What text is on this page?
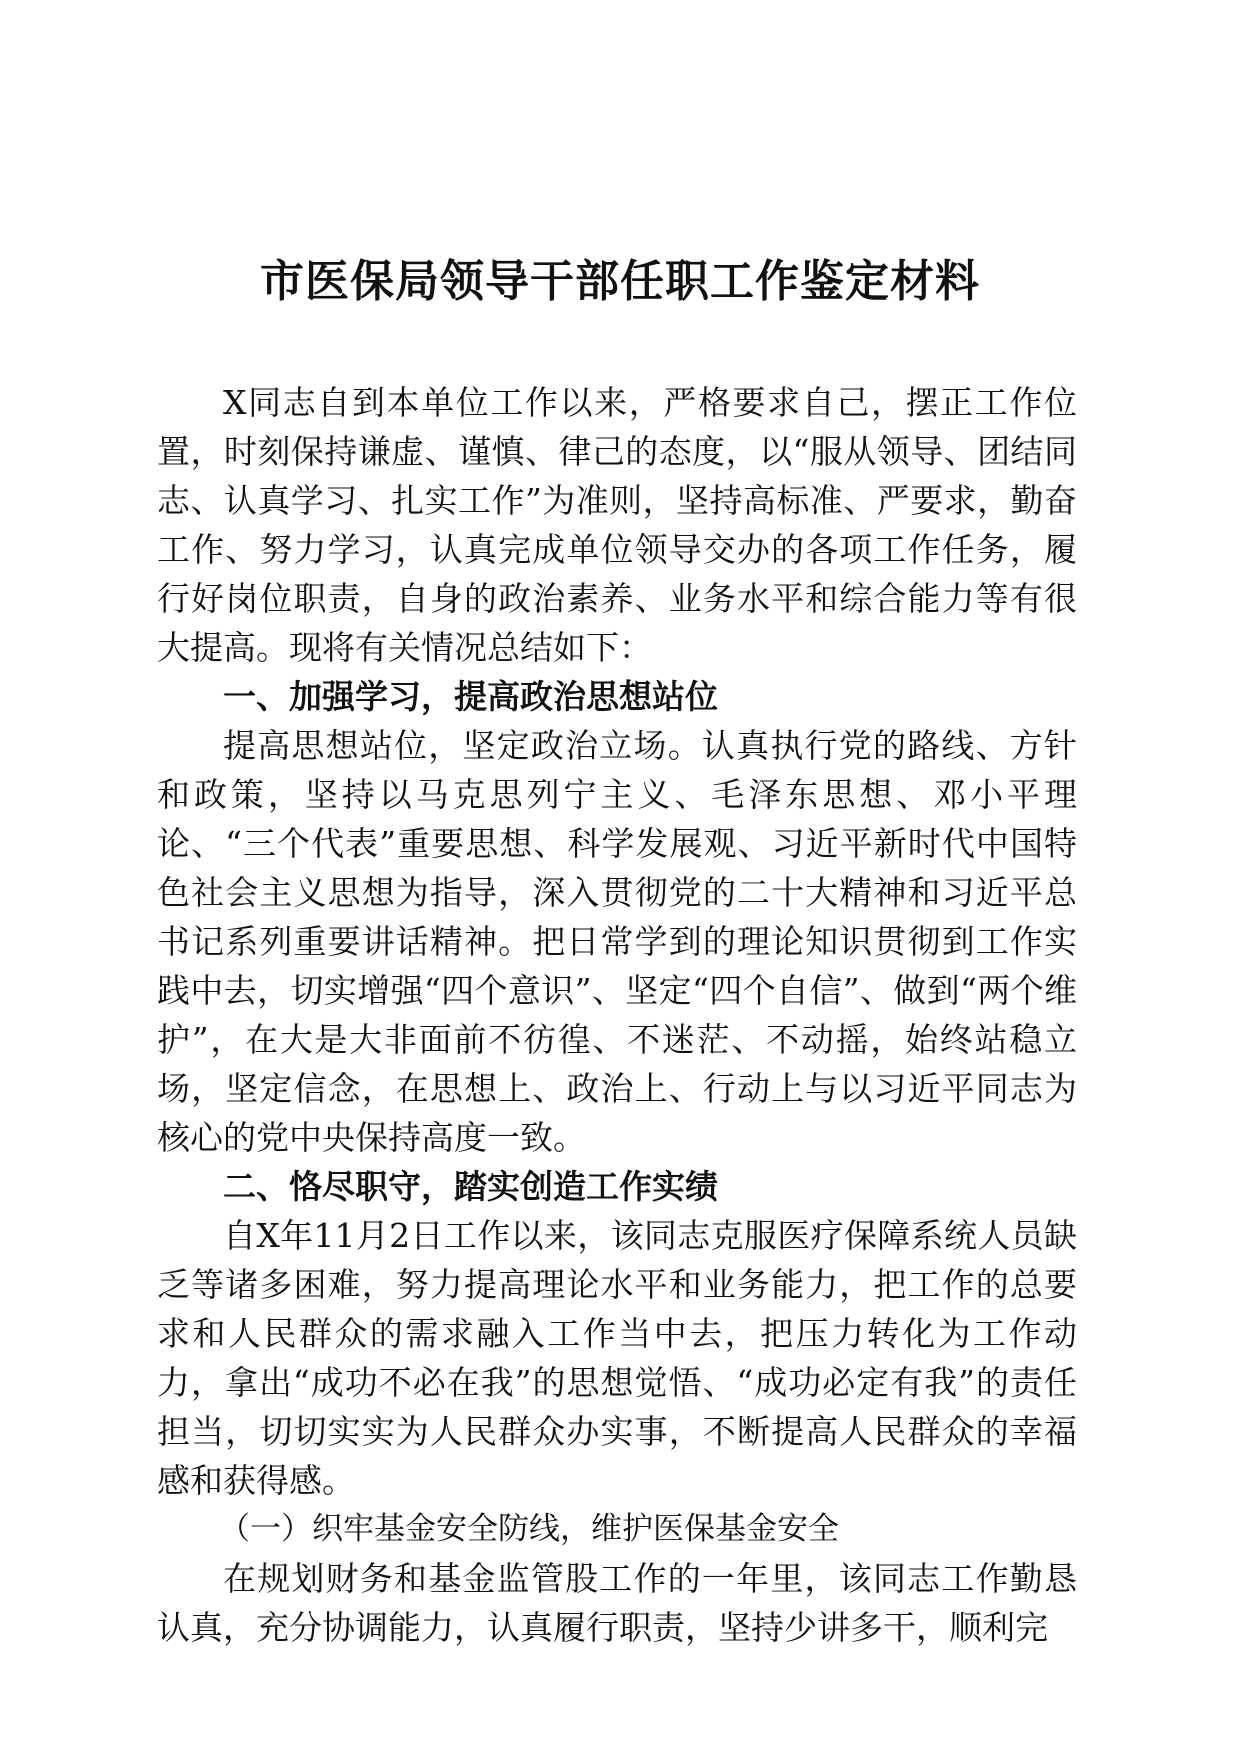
市医保局领导干部任职工作鉴定材料

X同志自到本单位工作以来，严格要求自己，摆正工作位置，时刻保持谦虚、谨慎、律己的态度，以“服从领导、团结同志、认真学习、扎实工作”为准则，坚持高标准、严要求，勤奋工作、努力学习，认真完成单位领导交办的各项工作任务，履行好岗位职责，自身的政治素养、业务水平和综合能力等有很大提高。现将有关情况总结如下：

一、加强学习，提高政治思想站位

提高思想站位，坚定政治立场。认真执行党的路线、方针和政策，坚持以马克思列宁主义、毛泽东思想、邓小平理论、“三个代表”重要思想、科学发展观、习近平新时代中国特色社会主义思想为指导，深入贯彻党的二十大精神和习近平总书记系列重要讲话精神。把日常学到的理论知识贯彻到工作实践中去，切实增强“四个意识”、坚定“四个自信”、做到“两个维护”，在大是大非面前不彷徨、不迷茫、不动摇，始终站稳立场，坚定信念，在思想上、政治上、行动上与以习近平同志为核心的党中央保持高度一致。

二、恪尽职守，踏实创造工作实绩

自X年11月2日工作以来，该同志克服医疗保障系统人员缺乏等诸多困难，努力提高理论水平和业务能力，把工作的总要求和人民群众的需求融入工作当中去，把压力转化为工作动力，拿出“成功不必在我”的思想觉悟、“成功必定有我”的责任担当，切切实实为人民群众办实事，不断提高人民群众的幸福感和获得感。

（一）织牢基金安全防线，维护医保基金安全

在规划财务和基金监管股工作的一年里，该同志工作勤恳认真，充分协调能力，认真履行职责，坚持少讲多干，顺利完
